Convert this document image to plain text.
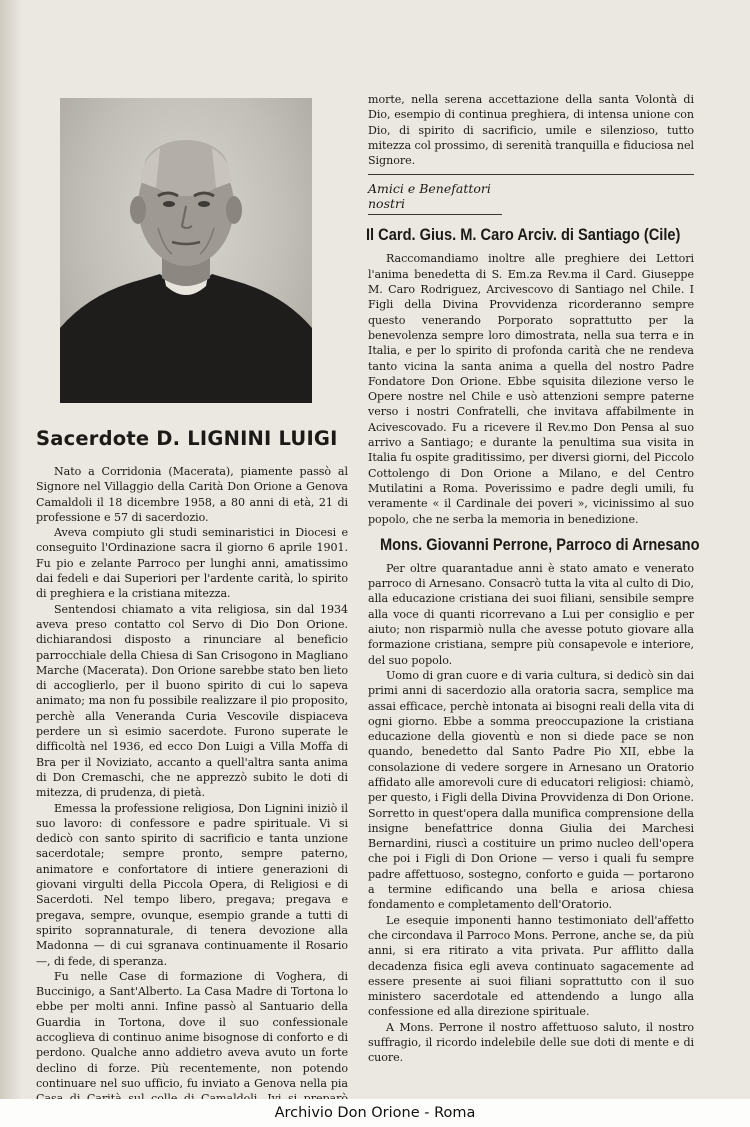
Sacerdote D. LIGNINI LUIGI

Nato a Corridonia (Macerata), piamente passò al Signore nel Villaggio della Carità Don Orione a Genova Camaldoli il 18 dicembre 1958, a 80 anni di età, 21 di professione e 57 di sacerdozio.

Aveva compiuto gli studi seminaristici in Diocesi e conseguito l'Ordinazione sacra il giorno 6 aprile 1901. Fu pio e zelante Parroco per lunghi anni, amatissimo dai fedeli e dai Superiori per l'ardente carità, lo spirito di preghiera e la cristiana mitezza.

Sentendosi chiamato a vita religiosa, sin dal 1934 aveva preso contatto col Servo di Dio Don Orione. dichiarandosi disposto a rinunciare al beneficio parrocchiale della Chiesa di San Crisogono in Magliano Marche (Macerata). Don Orione sarebbe stato ben lieto di accoglierlo, per il buono spirito di cui lo sapeva animato; ma non fu possibile realizzare il pio proposito, perchè alla Veneranda Curia Vescovile dispiaceva perdere un sì esimio sacerdote. Furono superate le difficoltà nel 1936, ed ecco Don Luigi a Villa Moffa di Bra per il Noviziato, accanto a quell'altra santa anima di Don Cremaschi, che ne apprezzò subito le doti di mitezza, di prudenza, di pietà.

Emessa la professione religiosa, Don Lignini iniziò il suo lavoro: di confessore e padre spirituale. Vi si dedicò con santo spirito di sacrificio e tanta unzione sacerdotale; sempre pronto, sempre paterno, animatore e confortatore di intiere generazioni di giovani virgulti della Piccola Opera, di Religiosi e di Sacerdoti. Nel tempo libero, pregava; pregava e pregava, sempre, ovunque, esempio grande a tutti di spirito soprannaturale, di tenera devozione alla Madonna — di cui sgranava continuamente il Rosario —, di fede, di speranza.

Fu nelle Case di formazione di Voghera, di Buccinigo, a Sant'Alberto. La Casa Madre di Tortona lo ebbe per molti anni. Infine passò al Santuario della Guardia in Tortona, dove il suo confessionale accoglieva di continuo anime bisognose di conforto e di perdono. Qualche anno addietro aveva avuto un forte declino di forze. Più recentemente, non potendo continuare nel suo ufficio, fu inviato a Genova nella pia

morte, nella serena accettazione della santa Volontà di Dio, esempio di continua preghiera, di intensa unione con Dio, di spirito di sacrificio, umile e silenzioso, tutto mitezza col prossimo, di serenità tranquilla e fiduciosa nel Signore.

Amici e Benefattori nostri
Il Card. Gius. M. Caro Arciv. di Santiago (Cile)

Raccomandiamo inoltre alle preghiere dei Lettori l'anima benedetta di S. Em.za Rev.ma il Card. Giuseppe M. Caro Rodriguez, Arcivescovo di Santiago nel Chile. I Figli della Divina Provvidenza ricorderanno sempre questo venerando Porporato soprattutto per la benevolenza sempre loro dimostrata, nella sua terra e in Italia, e per lo spirito di profonda carità che ne rendeva tanto vicina la santa anima a quella del nostro Padre Fondatore Don Orione. Ebbe squisita dilezione verso le Opere nostre nel Chile e usò attenzioni sempre paterne verso i nostri Confratelli, che invitava affabilmente in Acivescovado. Fu a ricevere il Rev.mo Don Pensa al suo arrivo a Santiago; e durante la penultima sua visita in Italia fu ospite graditissimo, per diversi giorni, del Piccolo Cottolengo di Don Orione a Milano, e del Centro Mutilatini a Roma. Poverissimo e padre degli umili, fu veramente « il Cardinale dei poveri », vicinissimo al suo popolo, che ne serba la memoria in benedizione.

Mons. Giovanni Perrone, Parroco di Arnesano

Per oltre quarantadue anni è stato amato e venerato parroco di Arnesano. Consacrò tutta la vita al culto di Dio, alla educazione cristiana dei suoi filiani, sensibile sempre alla voce di quanti ricorrevano a Lui per consiglio e per aiuto; non risparmiò nulla che avesse potuto giovare alla formazione cristiana, sempre più consapevole e interiore, del suo popolo.

Uomo di gran cuore e di varia cultura, si dedicò sin dai primi anni di sacerdozio alla oratoria sacra, semplice ma assai efficace, perchè intonata ai bisogni reali della vita di ogni giorno. Ebbe a somma preoccupazione la cristiana educazione della gioventù e non si diede pace se non quando, benedetto dal Santo Padre Pio XII, ebbe la consolazione di vedere sorgere in Arnesano un Oratorio affidato alle amorevoli cure di educatori religiosi: chiamò, per questo, i Figli della Divina Provvidenza di Don Orione. Sorretto in quest'opera dalla munifica comprensione della insigne benefattrice donna Giulia dei Marchesi Bernardini, riuscì a costituire un primo nucleo dell'opera che poi i Figli di Don Orione — verso i quali fu sempre padre affettuoso, sostegno, conforto e guida — portarono a termine edificando una bella e ariosa chiesa fondamento e completamento dell'Oratorio.

Le esequie imponenti hanno testimoniato dell'affetto che circondava il Parroco Mons. Perrone, anche se, da più anni, si era ritirato a vita privata. Pur afflitto dalla decadenza fisica egli aveva continuato sagacemente ad essere presente ai suoi filiani soprattutto con il suo ministero sacerdotale ed attendendo a lungo alla confessione ed alla direzione spirituale.

A Mons. Perrone il nostro affettuoso saluto, il nostro suffragio, il ricordo indelebile delle sue doti di mente e di cuore.

Archivio Don Orione - Roma
